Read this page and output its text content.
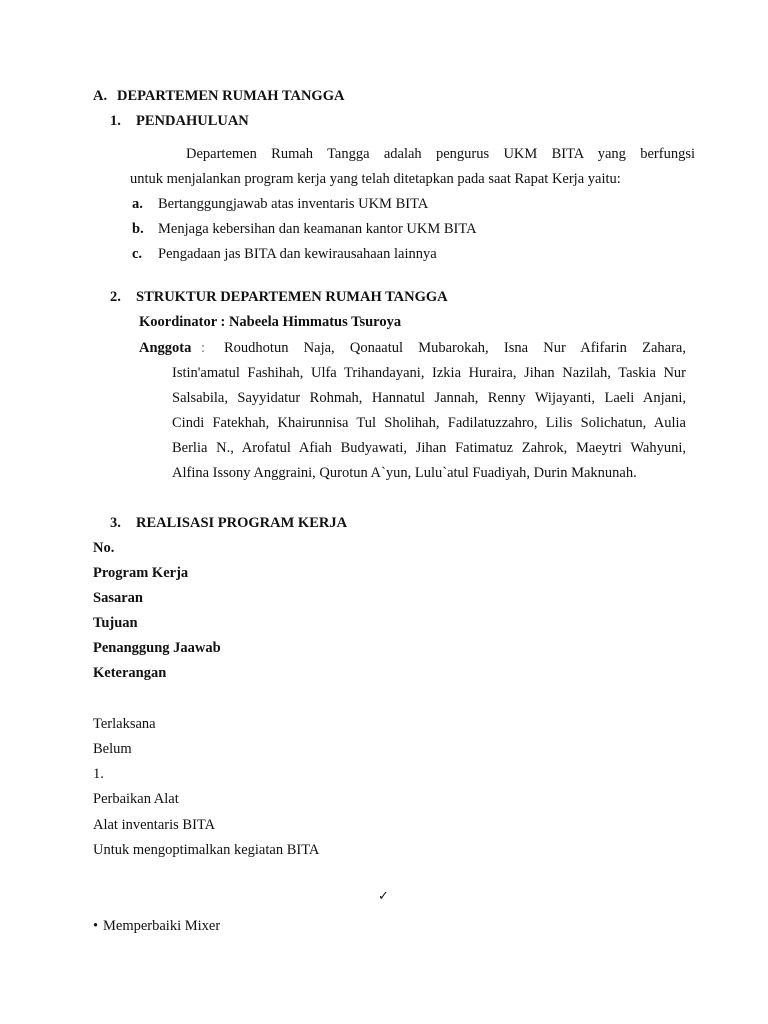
A. DEPARTEMEN RUMAH TANGGA
1. PENDAHULUAN
Departemen Rumah Tangga adalah pengurus UKM BITA yang berfungsi
untuk menjalankan program kerja yang telah ditetapkan pada saat Rapat Kerja yaitu:
a. Bertanggungjawab atas inventaris UKM BITA
b. Menjaga kebersihan dan keamanan kantor UKM BITA
c. Pengadaan jas BITA dan kewirausahaan lainnya
2. STRUKTUR DEPARTEMEN RUMAH TANGGA
Koordinator : Nabeela Himmatus Tsuroya
Anggota :	Roudhotun Naja, Qonaatul Mubarokah, Isna Nur Afifarin Zahara,
Istin'amatul Fashihah, Ulfa Trihandayani, Izkia Huraira, Jihan Nazilah, Taskia Nur
Salsabila, Sayyidatur Rohmah, Hannatul Jannah, Renny Wijayanti, Laeli Anjani,
Cindi Fatekhah, Khairunnisa Tul Sholihah, Fadilatuzzahro, Lilis Solichatun, Aulia
Berlia N., Arofatul Afiah Budyawati, Jihan Fatimatuz Zahrok, Maeytri Wahyuni,
Alfina Issony Anggraini, Qurotun A`yun, Lulu`atul Fuadiyah, Durin Maknunah.
3. REALISASI PROGRAM KERJA
No.
Program Kerja
Sasaran
Tujuan
Penanggung Jaawab
Keterangan
Terlaksana
Belum
1.
Perbaikan Alat
Alat inventaris BITA
Untuk mengoptimalkan kegiatan BITA
✓
• Memperbaiki Mixer
